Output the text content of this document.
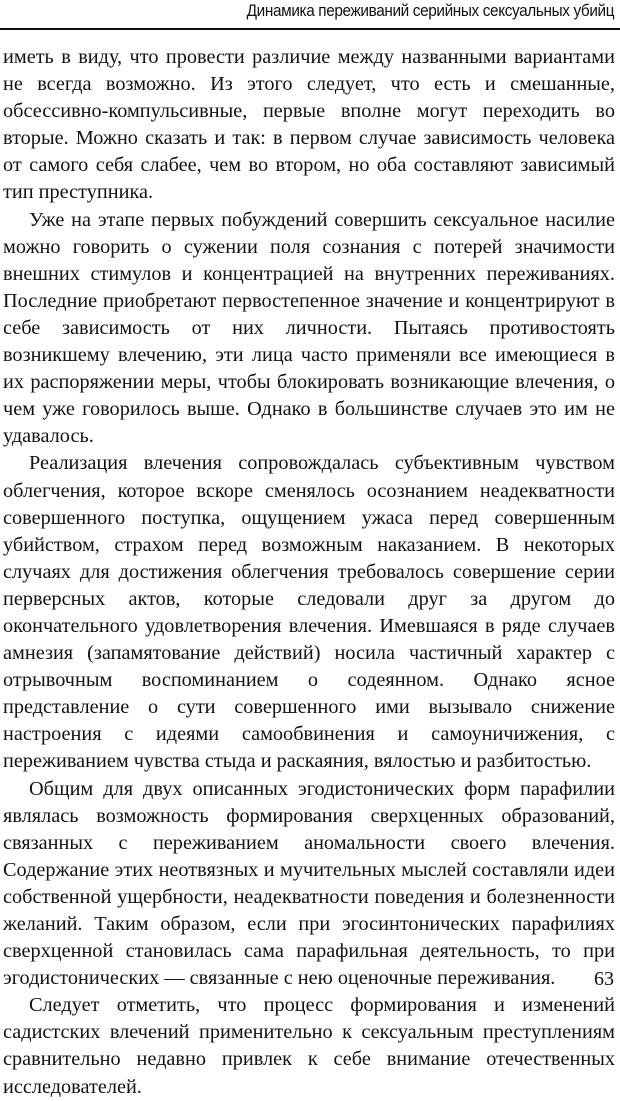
Динамика переживаний серийных сексуальных убийц

иметь в виду, что провести различие между названными вариантами не всегда возможно. Из этого следует, что есть и смешанные, обсессивно-компульсивные, первые вполне могут переходить во вторые. Можно сказать и так: в первом случае зависимость человека от самого себя слабее, чем во втором, но оба составляют зависимый тип преступника.

Уже на этапе первых побуждений совершить сексуальное насилие можно говорить о сужении поля сознания с потерей значимости внешних стимулов и концентрацией на внутренних переживаниях. Последние приобретают первостепенное значение и концентрируют в себе зависимость от них личности. Пытаясь противостоять возникшему влечению, эти лица часто применяли все имеющиеся в их распоряжении меры, чтобы блокировать возникающие влечения, о чем уже говорилось выше. Однако в большинстве случаев это им не удавалось.

Реализация влечения сопровождалась субъективным чувством облегчения, которое вскоре сменялось осознанием неадекватности совершенного поступка, ощущением ужаса перед совершенным убийством, страхом перед возможным наказанием. В некоторых случаях для достижения облегчения требовалось совершение серии перверсных актов, которые следовали друг за другом до окончательного удовлетворения влечения. Имевшаяся в ряде случаев амнезия (запамятование действий) носила частичный характер с отрывочным воспоминанием о содеянном. Однако ясное представление о сути совершенного ими вызывало снижение настроения с идеями самообвинения и самоуничижения, с переживанием чувства стыда и раскаяния, вялостью и разбитостью.

Общим для двух описанных эгодистонических форм парафилии являлась возможность формирования сверхценных образований, связанных с переживанием аномальности своего влечения. Содержание этих неотвязных и мучительных мыслей составляли идеи собственной ущербности, неадекватности поведения и болезненности желаний. Таким образом, если при эгосинтонических парафилиях сверхценной становилась сама парафильная деятельность, то при эгодистонических — связанные с нею оценочные переживания.

Следует отметить, что процесс формирования и изменений садистских влечений применительно к сексуальным преступлениям сравнительно недавно привлек к себе внимание отечественных исследователей.

63
